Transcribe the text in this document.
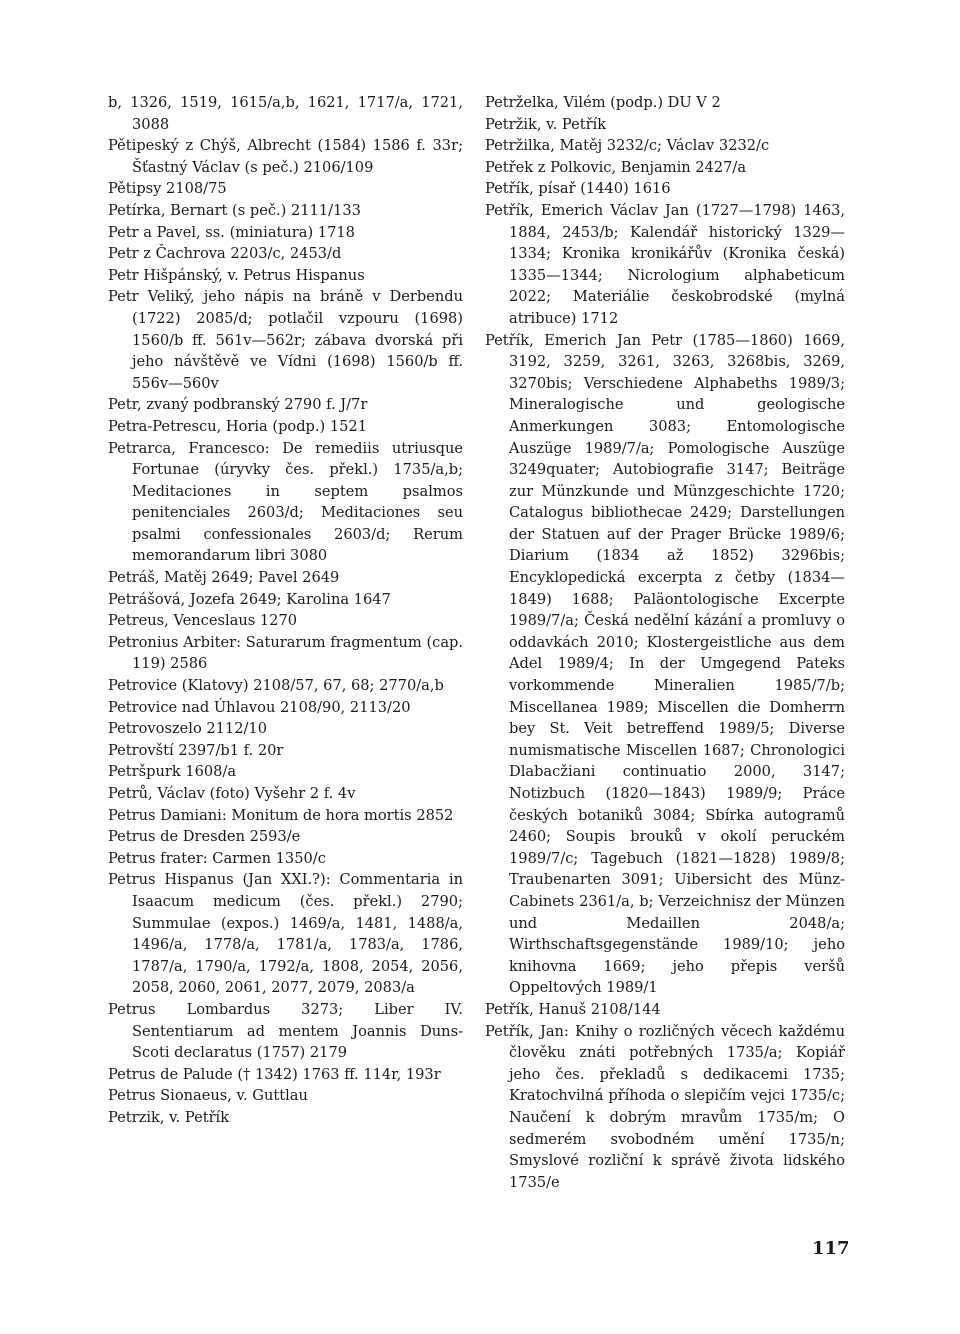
b, 1326, 1519, 1615/a,b, 1621, 1717/a, 1721, 3088

Pětipeský z Chýš, Albrecht (1584) 1586 f. 33r; Šťastný Václav (s peč.) 2106/109

Pětipsy 2108/75

Petírka, Bernart (s peč.) 2111/133

Petr a Pavel, ss. (miniatura) 1718

Petr z Čachrova 2203/c, 2453/d

Petr Hišpánský, v. Petrus Hispanus

Petr Veliký, jeho nápis na bráně v Derbendu (1722) 2085/d; potlačil vzpouru (1698) 1560/b ff. 561v—562r; zábava dvorská při jeho návštěvě ve Vídni (1698) 1560/b ff. 556v—560v

Petr, zvaný podbranský 2790 f. J/7r

Petra-Petrescu, Horia (podp.) 1521

Petrarca, Francesco: De remediis utriusque Fortunae (úryvky čes. překl.) 1735/a,b; Meditaciones in septem psalmos penitenciales 2603/d; Meditaciones seu psalmi confessionales 2603/d; Rerum memorandarum libri 3080

Petráš, Matěj 2649; Pavel 2649

Petrášová, Jozefa 2649; Karolina 1647

Petreus, Venceslaus 1270

Petronius Arbiter: Saturarum fragmentum (cap. 119) 2586

Petrovice (Klatovy) 2108/57, 67, 68; 2770/a,b

Petrovice nad Úhlavou 2108/90, 2113/20

Petrovoszelo 2112/10

Petrovští 2397/b1 f. 20r

Petršpurk 1608/a

Petrů, Václav (foto) Vyšehr 2 f. 4v

Petrus Damiani: Monitum de hora mortis 2852

Petrus de Dresden 2593/e

Petrus frater: Carmen 1350/c

Petrus Hispanus (Jan XXI.?): Commentaria in Isaacum medicum (čes. překl.) 2790; Summulae (expos.) 1469/a, 1481, 1488/a, 1496/a, 1778/a, 1781/a, 1783/a, 1786, 1787/a, 1790/a, 1792/a, 1808, 2054, 2056, 2058, 2060, 2061, 2077, 2079, 2083/a

Petrus Lombardus 3273; Liber IV. Sententiarum ad mentem Joannis Duns-Scoti declaratus (1757) 2179

Petrus de Palude († 1342) 1763 ff. 114r, 193r

Petrus Sionaeus, v. Guttlau

Petrzik, v. Petřík

Petrželka, Vilém (podp.) DU V 2

Petržik, v. Petřík

Petržilka, Matěj 3232/c; Václav 3232/c

Petřek z Polkovic, Benjamin 2427/a

Petřík, písař (1440) 1616

Petřík, Emerich Václav Jan (1727—1798) 1463, 1884, 2453/b; Kalendář historický 1329—1334; Kronika kronikářův (Kronika česká) 1335—1344; Nicrologium alphabeticum 2022; Materiálie českobrodské (mylná atribuce) 1712

Petřík, Emerich Jan Petr (1785—1860) 1669, 3192, 3259, 3261, 3263, 3268bis, 3269, 3270bis; Verschiedene Alphabeths 1989/3; Mineralogische und geologische Anmerkungen 3083; Entomologische Auszüge 1989/7/a; Pomologische Auszüge 3249quater; Autobiografie 3147; Beiträge zur Münzkunde und Münzgeschichte 1720; Catalogus bibliothecae 2429; Darstellungen der Statuen auf der Prager Brücke 1989/6; Diarium (1834 až 1852) 3296bis; Encyklopedická excerpta z četby (1834—1849) 1688; Paläontologische Excerpte 1989/7/a; Česká nedělní kázání a promluvy o oddavkách 2010; Klostergeistliche aus dem Adel 1989/4; In der Umgegend Pateks vorkommende Mineralien 1985/7/b; Miscellanea 1989; Miscellen die Domherrn bey St. Veit betreffend 1989/5; Diverse numismatische Miscellen 1687; Chronologici Dlabacžiani continuatio 2000, 3147; Notizbuch (1820—1843) 1989/9; Práce českých botaniků 3084; Sbírka autogramů 2460; Soupis brouků v okolí peruckém 1989/7/c; Tagebuch (1821—1828) 1989/8; Traubenarten 3091; Uibersicht des Münz-Cabinets 2361/a, b; Verzeichnisz der Münzen und Medaillen 2048/a; Wirthschaftsgegenstände 1989/10; jeho knihovna 1669; jeho přepis veršů Oppeltových 1989/1

Petřík, Hanuš 2108/144

Petřík, Jan: Knihy o rozličných věcech každému člověku znáti potřebných 1735/a; Kopiář jeho čes. překladů s dedikacemi 1735; Kratochvilná příhoda o slepičím vejci 1735/c; Naučení k dobrým mravům 1735/m; O sedmerém svobodném umění 1735/n; Smyslové rozliční k správě života lidského 1735/e

117
